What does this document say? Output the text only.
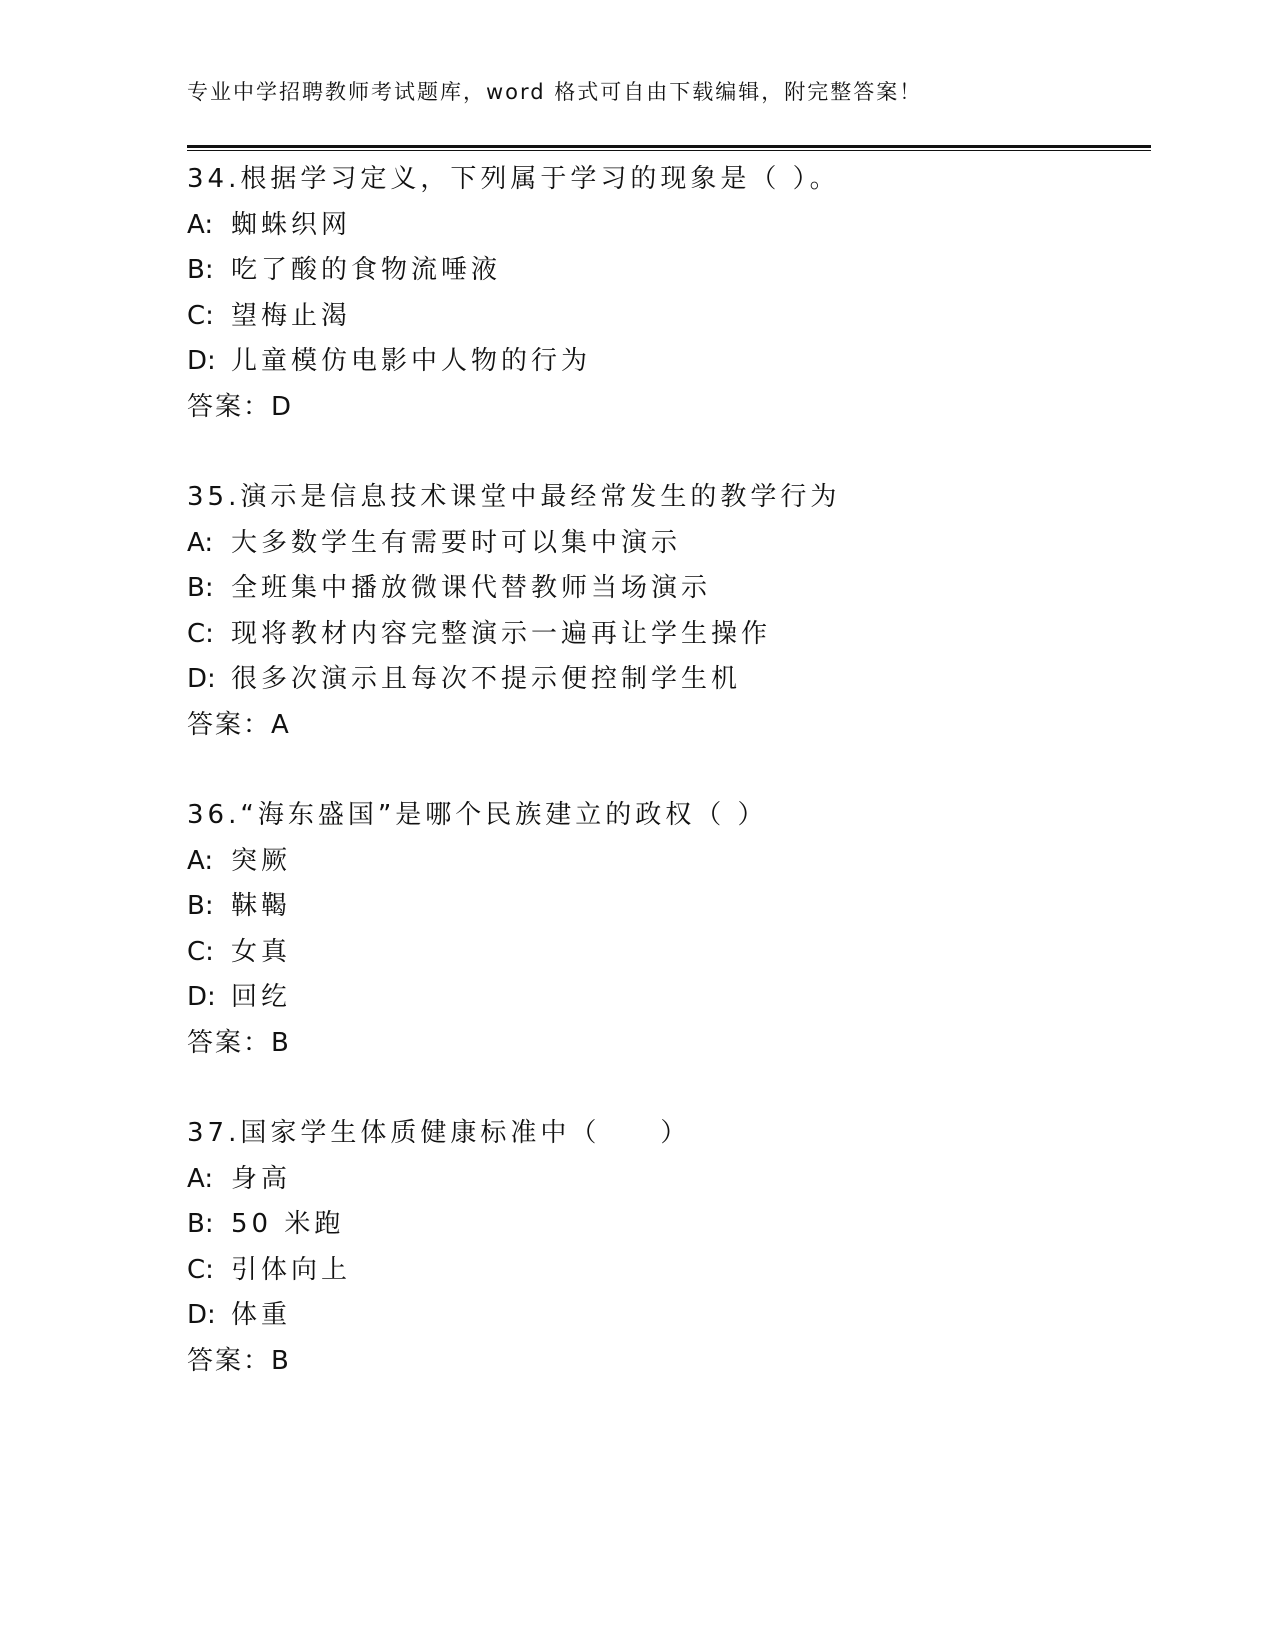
专业中学招聘教师考试题库，word 格式可自由下载编辑，附完整答案！
34.根据学习定义，下列属于学习的现象是（ ）。
A: 蜘蛛织网
B: 吃了酸的食物流唾液
C: 望梅止渴
D: 儿童模仿电影中人物的行为
答案：D
35.演示是信息技术课堂中最经常发生的教学行为
A: 大多数学生有需要时可以集中演示
B: 全班集中播放微课代替教师当场演示
C: 现将教材内容完整演示一遍再让学生操作
D: 很多次演示且每次不提示便控制学生机
答案：A
36.“海东盛国”是哪个民族建立的政权（ ）
A: 突厥
B: 靺鞨
C: 女真
D: 回纥
答案：B
37.国家学生体质健康标准中（　　）
A: 身高
B: 50 米跑
C: 引体向上
D: 体重
答案：B
